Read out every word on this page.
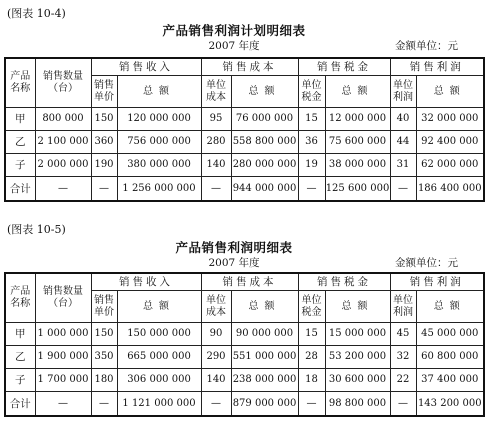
(图表 10-4)
产品销售利润计划明细表
2007 年度	金额单位：元
产品名称	销售数量（台）	销售收入		销售成本		销售税金		销售利润	
		销售单价	总额	单位成本	总额	单位税金	总额	单位利润	总额
甲	800 000	150	120 000 000	95	76 000 000	15	12 000 000	40	32 000 000
乙	2 100 000	360	756 000 000	280	558 800 000	36	75 600 000	44	92 400 000
子	2 000 000	190	380 000 000	140	280 000 000	19	38 000 000	31	62 000 000
合计	—	—	1 256 000 000	—	944 000 000	—	125 600 000	—	186 400 000
(图表 10-5)
产品销售利润明细表
2007 年度	金额单位：元
产品名称	销售数量（台）	销售收入		销售成本		销售税金		销售利润	
		销售单价	总额	单位成本	总额	单位税金	总额	单位利润	总额
甲	1 000 000	150	150 000 000	90	90 000 000	15	15 000 000	45	45 000 000
乙	1 900 000	350	665 000 000	290	551 000 000	28	53 200 000	32	60 800 000
子	1 700 000	180	306 000 000	140	238 000 000	18	30 600 000	22	37 400 000
合计	—	—	1 121 000 000	—	879 000 000	—	98 800 000	—	143 200 000
